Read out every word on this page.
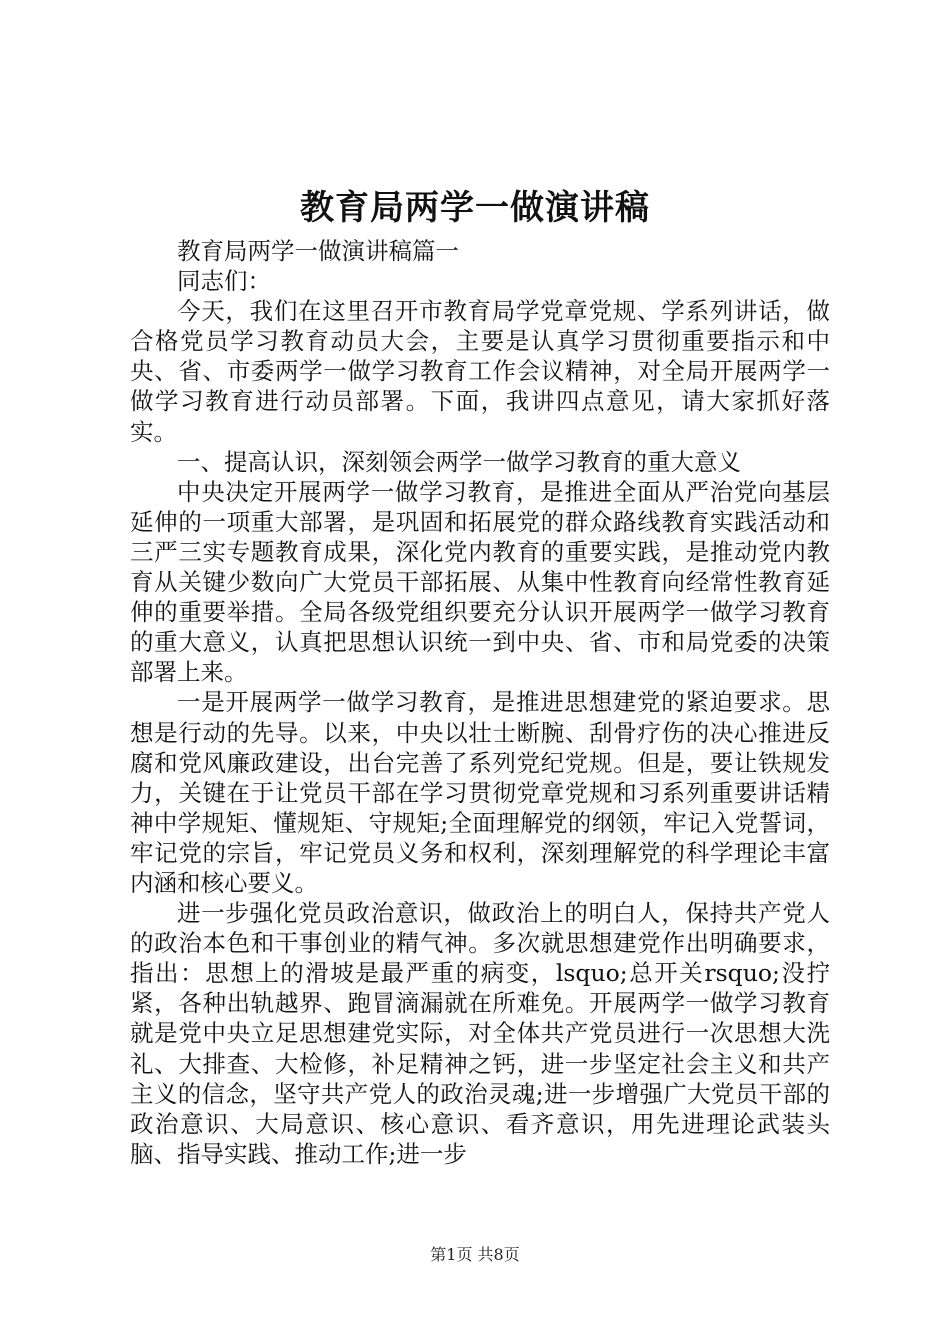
教育局两学一做演讲稿

教育局两学一做演讲稿篇一

同志们：

今天，我们在这里召开市教育局学党章党规、学系列讲话，做合格党员学习教育动员大会，主要是认真学习贯彻重要指示和中央、省、市委两学一做学习教育工作会议精神，对全局开展两学一做学习教育进行动员部署。下面，我讲四点意见，请大家抓好落实。

一、提高认识，深刻领会两学一做学习教育的重大意义

中央决定开展两学一做学习教育，是推进全面从严治党向基层延伸的一项重大部署，是巩固和拓展党的群众路线教育实践活动和三严三实专题教育成果，深化党内教育的重要实践，是推动党内教育从关键少数向广大党员干部拓展、从集中性教育向经常性教育延伸的重要举措。全局各级党组织要充分认识开展两学一做学习教育的重大意义，认真把思想认识统一到中央、省、市和局党委的决策部署上来。

一是开展两学一做学习教育，是推进思想建党的紧迫要求。思想是行动的先导。以来，中央以壮士断腕、刮骨疗伤的决心推进反腐和党风廉政建设，出台完善了系列党纪党规。但是，要让铁规发力，关键在于让党员干部在学习贯彻党章党规和习系列重要讲话精神中学规矩、懂规矩、守规矩;全面理解党的纲领，牢记入党誓词，牢记党的宗旨，牢记党员义务和权利，深刻理解党的科学理论丰富内涵和核心要义。

进一步强化党员政治意识，做政治上的明白人，保持共产党人的政治本色和干事创业的精气神。多次就思想建党作出明确要求，指出：思想上的滑坡是最严重的病变，lsquo;总开关rsquo;没拧紧，各种出轨越界、跑冒滴漏就在所难免。开展两学一做学习教育就是党中央立足思想建党实际，对全体共产党员进行一次思想大洗礼、大排查、大检修，补足精神之钙，进一步坚定社会主义和共产主义的信念，坚守共产党人的政治灵魂;进一步增强广大党员干部的政治意识、大局意识、核心意识、看齐意识，用先进理论武装头脑、指导实践、推动工作;进一步

第1页 共8页
